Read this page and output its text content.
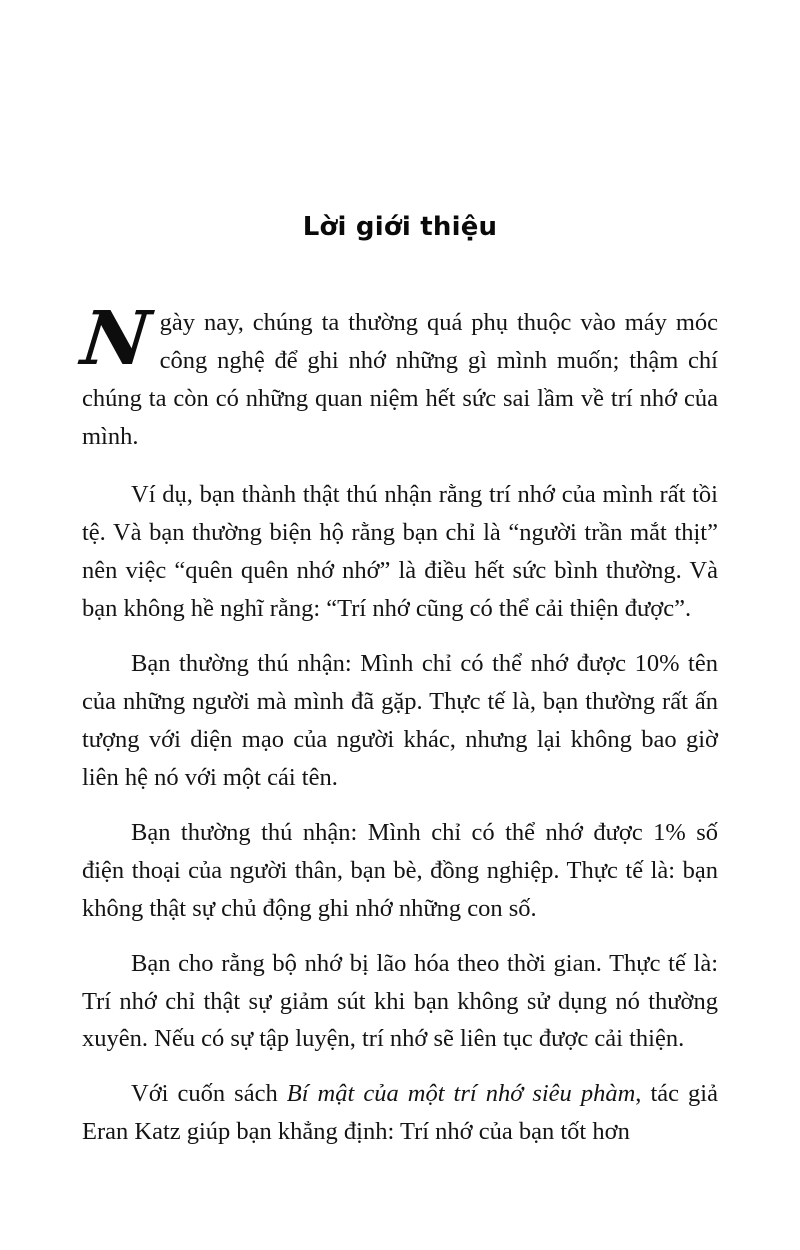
Lời giới thiệu

Ngày nay, chúng ta thường quá phụ thuộc vào máy móc công nghệ để ghi nhớ những gì mình muốn; thậm chí chúng ta còn có những quan niệm hết sức sai lầm về trí nhớ của mình.

Ví dụ, bạn thành thật thú nhận rằng trí nhớ của mình rất tồi tệ. Và bạn thường biện hộ rằng bạn chỉ là “người trần mắt thịt” nên việc “quên quên nhớ nhớ” là điều hết sức bình thường. Và bạn không hề nghĩ rằng: “Trí nhớ cũng có thể cải thiện được”.

Bạn thường thú nhận: Mình chỉ có thể nhớ được 10% tên của những người mà mình đã gặp. Thực tế là, bạn thường rất ấn tượng với diện mạo của người khác, nhưng lại không bao giờ liên hệ nó với một cái tên.

Bạn thường thú nhận: Mình chỉ có thể nhớ được 1% số điện thoại của người thân, bạn bè, đồng nghiệp. Thực tế là: bạn không thật sự chủ động ghi nhớ những con số.

Bạn cho rằng bộ nhớ bị lão hóa theo thời gian. Thực tế là: Trí nhớ chỉ thật sự giảm sút khi bạn không sử dụng nó thường xuyên. Nếu có sự tập luyện, trí nhớ sẽ liên tục được cải thiện.

Với cuốn sách Bí mật của một trí nhớ siêu phàm, tác giả Eran Katz giúp bạn khẳng định: Trí nhớ của bạn tốt hơn
